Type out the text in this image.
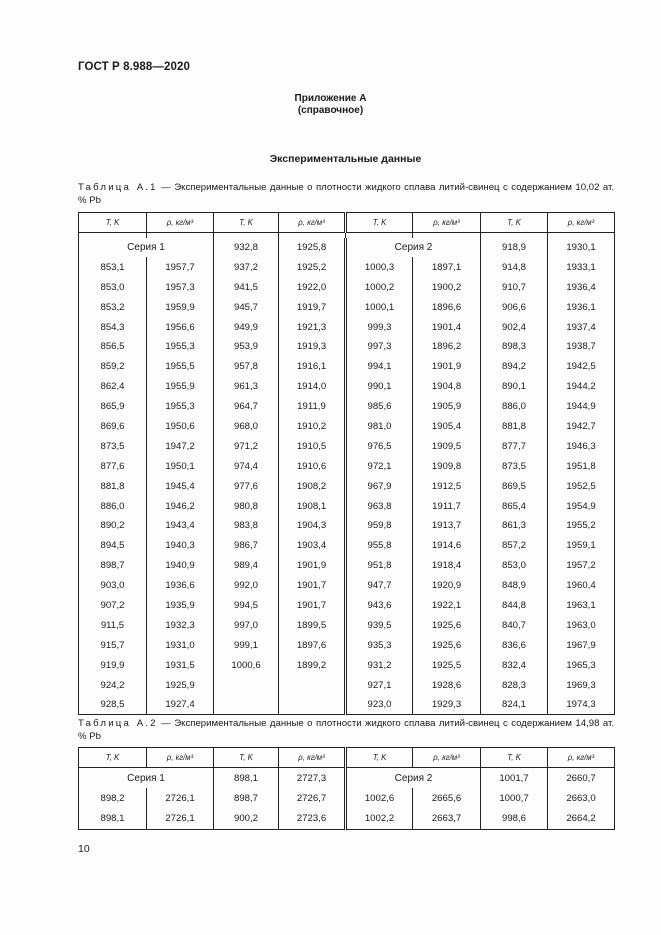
ГОСТ Р 8.988—2020
Приложение А
(справочное)
Экспериментальные данные
Таблица А.1 — Экспериментальные данные о плотности жидкого сплава литий-свинец с содержанием 10,02 ат. % Pb
T, K	ρ, кг/м³	T, K	ρ, кг/м³	T, K	ρ, кг/м³	T, K	ρ, кг/м³

Серия 1		932,8	1925,8	Серия 2		918,9	1930,1
853,1	1957,7	937,2	1925,2	1000,3	1897,1	914,8	1933,1
853,0	1957,3	941,5	1922,0	1000,2	1900,2	910,7	1936,4
853,2	1959,9	945,7	1919,7	1000,1	1896,6	906,6	1936,1
854,3	1956,6	949,9	1921,3	999,3	1901,4	902,4	1937,4
856,5	1955,3	953,9	1919,3	997,3	1896,2	898,3	1938,7
859,2	1955,5	957,8	1916,1	994,1	1901,9	894,2	1942,5
862,4	1955,9	961,3	1914,0	990,1	1904,8	890,1	1944,2
865,9	1955,3	964,7	1911,9	985,6	1905,9	886,0	1944,9
869,6	1950,6	968,0	1910,2	981,0	1905,4	881,8	1942,7
873,5	1947,2	971,2	1910,5	976,5	1909,5	877,7	1946,3
877,6	1950,1	974,4	1910,6	972,1	1909,8	873,5	1951,8
881,8	1945,4	977,6	1908,2	967,9	1912,5	869,5	1952,5
886,0	1946,2	980,8	1908,1	963,8	1911,7	865,4	1954,9
890,2	1943,4	983,8	1904,3	959,8	1913,7	861,3	1955,2
894,5	1940,3	986,7	1903,4	955,8	1914,6	857,2	1959,1
898,7	1940,9	989,4	1901,9	951,8	1918,4	853,0	1957,2
903,0	1936,6	992,0	1901,7	947,7	1920,9	848,9	1960,4
907,2	1935,9	994,5	1901,7	943,6	1922,1	844,8	1963,1
911,5	1932,3	997,0	1899,5	939,5	1925,6	840,7	1963,0
915,7	1931,0	999,1	1897,6	935,3	1925,6	836,6	1967,9
919,9	1931,5	1000,6	1899,2	931,2	1925,5	832,4	1965,3
924,2	1925,9			927,1	1928,6	828,3	1969,3
928,5	1927,4			923,0	1929,3	824,1	1974,3
Таблица А.2 — Экспериментальные данные о плотности жидкого сплава литий-свинец с содержанием 14,98 ат. % Pb
T, K	ρ, кг/м³	T, K	ρ, кг/м³	T, K	ρ, кг/м³	T, K	ρ, кг/м³
Серия 1		898,1	2727,3	Серия 2		1001,7	2660,7
898,2	2726,1	898,7	2726,7	1002,6	2665,6	1000,7	2663,0
898,1	2726,1	900,2	2723,6	1002,2	2663,7	998,6	2664,2
10
